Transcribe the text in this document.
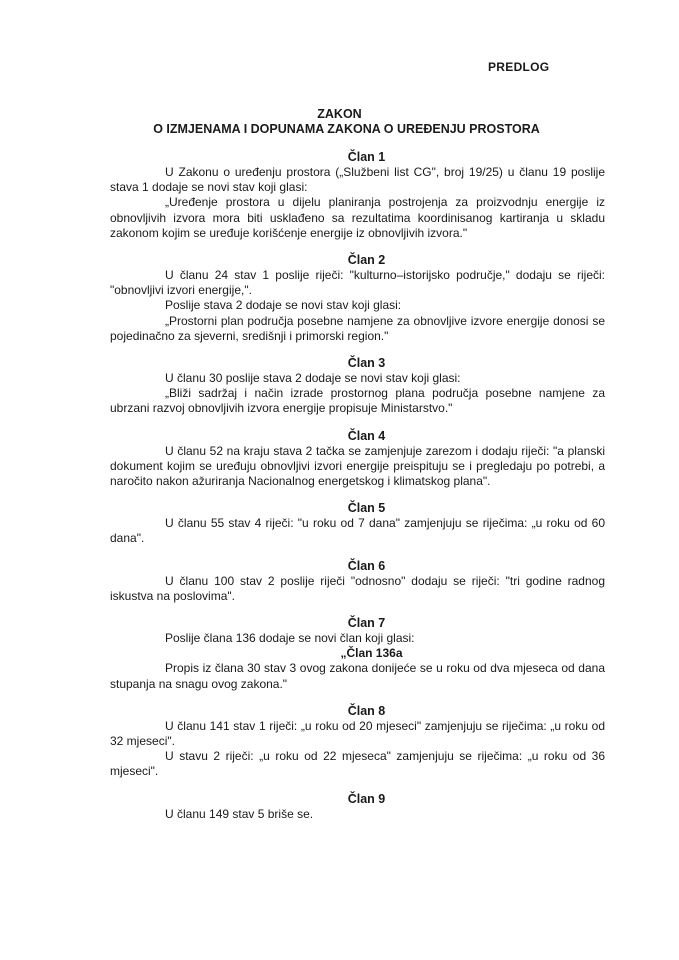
PREDLOG
ZAKON
O IZMJENAMA I DOPUNAMA ZAKONA O UREĐENJU PROSTORA
Član 1

U Zakonu o uređenju prostora („Službeni list CG", broj 19/25) u članu 19 poslije stava 1 dodaje se novi stav koji glasi:

„Uređenje prostora u dijelu planiranja postrojenja za proizvodnju energije iz obnovljivih izvora mora biti usklađeno sa rezultatima koordinisanog kartiranja u skladu zakonom kojim se uređuje korišćenje energije iz obnovljivih izvora."

Član 2

U članu 24 stav 1 poslije riječi: "kulturno–istorijsko područje," dodaju se riječi: "obnovljivi izvori energije,".

Poslije stava 2 dodaje se novi stav koji glasi:

„Prostorni plan područja posebne namjene za obnovljive izvore energije donosi se pojedinačno za sjeverni, središnji i primorski region."

Član 3

U članu 30 poslije stava 2 dodaje se novi stav koji glasi:

„Bliži sadržaj i način izrade prostornog plana područja posebne namjene za ubrzani razvoj obnovljivih izvora energije propisuje Ministarstvo."

Član 4

U članu 52 na kraju stava 2 tačka se zamjenjuje zarezom i dodaju riječi: "a planski dokument kojim se uređuju obnovljivi izvori energije preispituju se i pregledaju po potrebi, a naročito nakon ažuriranja Nacionalnog energetskog i klimatskog plana".

Član 5

U članu 55 stav 4 riječi: "u roku od 7 dana" zamjenjuju se riječima: „u roku od 60 dana".

Član 6

U članu 100 stav 2 poslije riječi "odnosno" dodaju se riječi: "tri godine radnog iskustva na poslovima".

Član 7

Poslije člana 136 dodaje se novi član koji glasi:

„Član 136a

Propis iz člana 30 stav 3 ovog zakona donijeće se u roku od dva mjeseca od dana stupanja na snagu ovog zakona."

Član 8

U članu 141 stav 1 riječi: „u roku od 20 mjeseci" zamjenjuju se riječima: „u roku od 32 mjeseci".

U stavu 2 riječi: „u roku od 22 mjeseca" zamjenjuju se riječima: „u roku od 36 mjeseci".

Član 9

U članu 149 stav 5 briše se.
